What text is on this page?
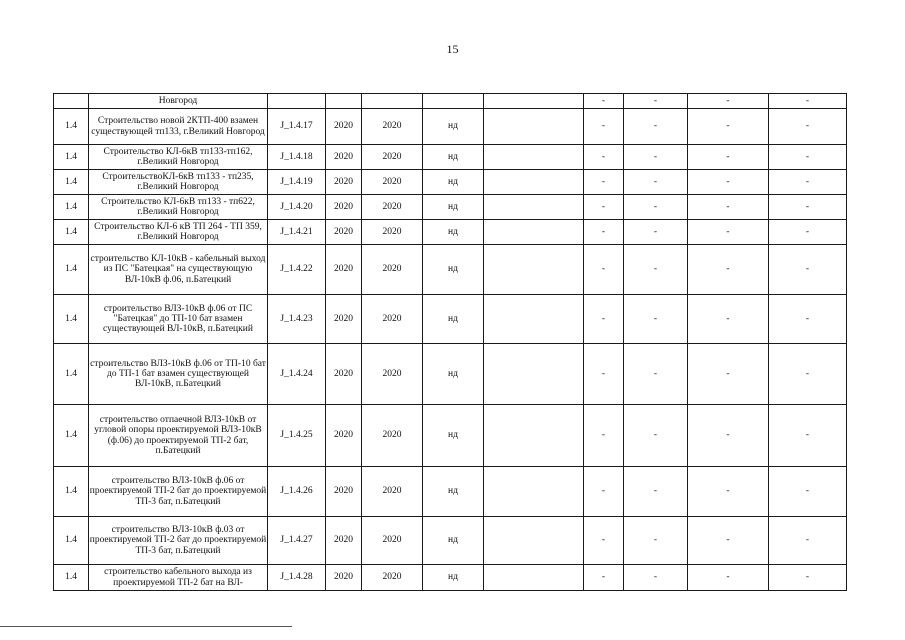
15
	Новгород						-	-	-	-
1.4	Строительство новой 2КТП-400 взамен существующей тп133, г.Великий Новгород	J_1.4.17	2020	2020	нд		-	-	-	-
1.4	Строительство КЛ-6кВ тп133-тп162, г.Великий Новгород	J_1.4.18	2020	2020	нд		-	-	-	-
1.4	СтроительствоКЛ-6кВ тп133 - тп235, г.Великий Новгород	J_1.4.19	2020	2020	нд		-	-	-	-
1.4	Строительство КЛ-6кВ тп133 - тп622, г.Великий Новгород	J_1.4.20	2020	2020	нд		-	-	-	-
1.4	Строительство КЛ-6 кВ ТП 264 - ТП 359, г.Великий Новгород	J_1.4.21	2020	2020	нд		-	-	-	-
1.4	строительство КЛ-10кВ - кабельный выход из ПС "Батецкая" на существующую ВЛ-10кВ ф.06, п.Батецкий	J_1.4.22	2020	2020	нд		-	-	-	-
1.4	строительство ВЛЗ-10кВ ф.06 от ПС "Батецкая" до ТП-10 бат взамен существующей ВЛ-10кВ, п.Батецкий	J_1.4.23	2020	2020	нд		-	-	-	-
1.4	строительство ВЛЗ-10кВ ф.06 от ТП-10 бат до ТП-1 бат взамен существующей ВЛ-10кВ, п.Батецкий	J_1.4.24	2020	2020	нд		-	-	-	-
1.4	строительство отпаечной ВЛЗ-10кВ от угловой опоры проектируемой ВЛЗ-10кВ (ф.06) до проектируемой ТП-2 бат, п.Батецкий	J_1.4.25	2020	2020	нд		-	-	-	-
1.4	строительство ВЛЗ-10кВ ф.06 от проектируемой ТП-2 бат до проектируемой ТП-3 бат, п.Батецкий	J_1.4.26	2020	2020	нд		-	-	-	-
1.4	строительство ВЛЗ-10кВ ф.03 от проектируемой ТП-2 бат до проектируемой ТП-3 бат, п.Батецкий	J_1.4.27	2020	2020	нд		-	-	-	-
1.4	строительство кабельного выхода из проектируемой ТП-2 бат на ВЛ-	J_1.4.28	2020	2020	нд		-	-	-	-
